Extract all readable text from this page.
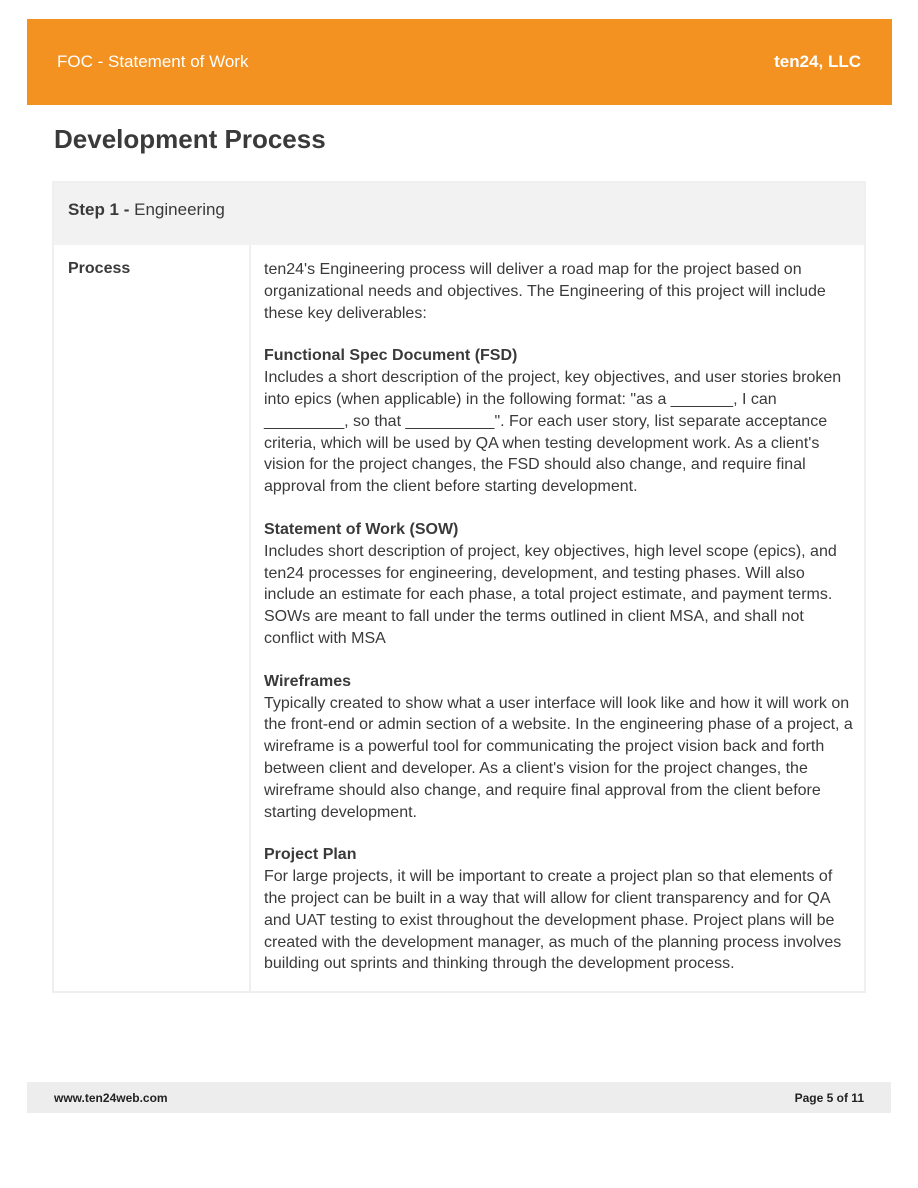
FOC - Statement of Work	ten24, LLC
Development Process
Step 1 - Engineering
Process	ten24's Engineering process will deliver a road map for the project based on organizational needs and objectives. The Engineering of this project will include these key deliverables:

Functional Spec Document (FSD)

Includes a short description of the project, key objectives, and user stories broken into epics (when applicable) in the following format: "as a _______, I can _________, so that __________". For each user story, list separate acceptance criteria, which will be used by QA when testing development work. As a client's vision for the project changes, the FSD should also change, and require final approval from the client before starting development.

Statement of Work (SOW)

Includes short description of project, key objectives, high level scope (epics), and ten24 processes for engineering, development, and testing phases. Will also include an estimate for each phase, a total project estimate, and payment terms. SOWs are meant to fall under the terms outlined in client MSA, and shall not conflict with MSA

Wireframes

Typically created to show what a user interface will look like and how it will work on the front-end or admin section of a website. In the engineering phase of a project, a wireframe is a powerful tool for communicating the project vision back and forth between client and developer. As a client's vision for the project changes, the wireframe should also change, and require final approval from the client before starting development.

Project Plan

For large projects, it will be important to create a project plan so that elements of the project can be built in a way that will allow for client transparency and for QA and UAT testing to exist throughout the development phase. Project plans will be created with the development manager, as much of the planning process involves building out sprints and thinking through the development process.

www.ten24web.com	Page 5 of 11
